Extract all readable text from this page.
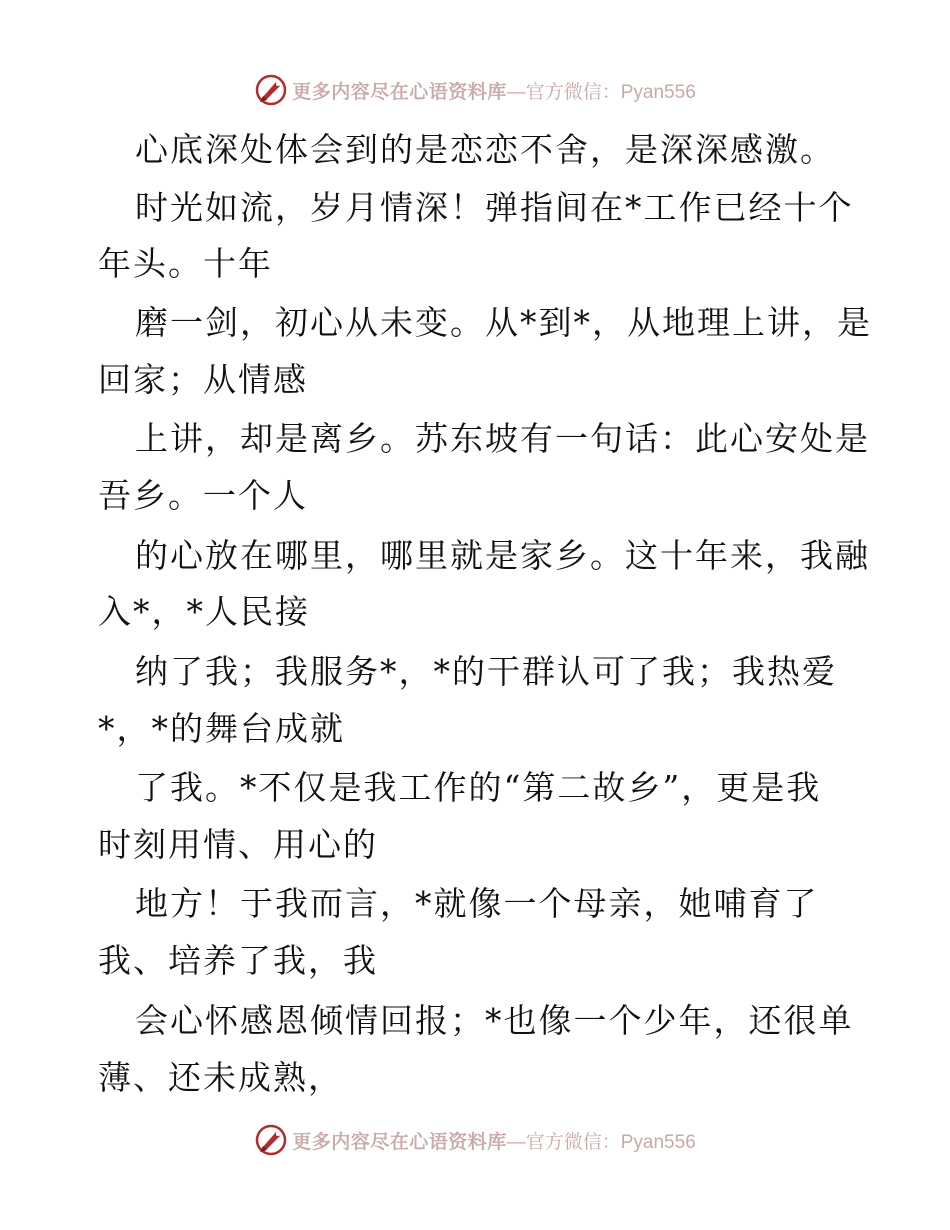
更多内容尽在心语资料库 —官方微信：Pyan556
心底深处体会到的是恋恋不舍，是深深感激。
时光如流，岁月情深！弹指间在*工作已经十个
年头。十年
磨一剑，初心从未变。从*到*，从地理上讲，是
回家；从情感
上讲，却是离乡。苏东坡有一句话：此心安处是
吾乡。一个人
的心放在哪里，哪里就是家乡。这十年来，我融
入*，*人民接
纳了我；我服务*，*的干群认可了我；我热爱
*，*的舞台成就
了我。*不仅是我工作的“第二故乡”，更是我
时刻用情、用心的
地方！于我而言，*就像一个母亲，她哺育了
我、培养了我，我
会心怀感恩倾情回报；*也像一个少年，还很单
薄、还未成熟，
更多内容尽在心语资料库 —官方微信：Pyan556
